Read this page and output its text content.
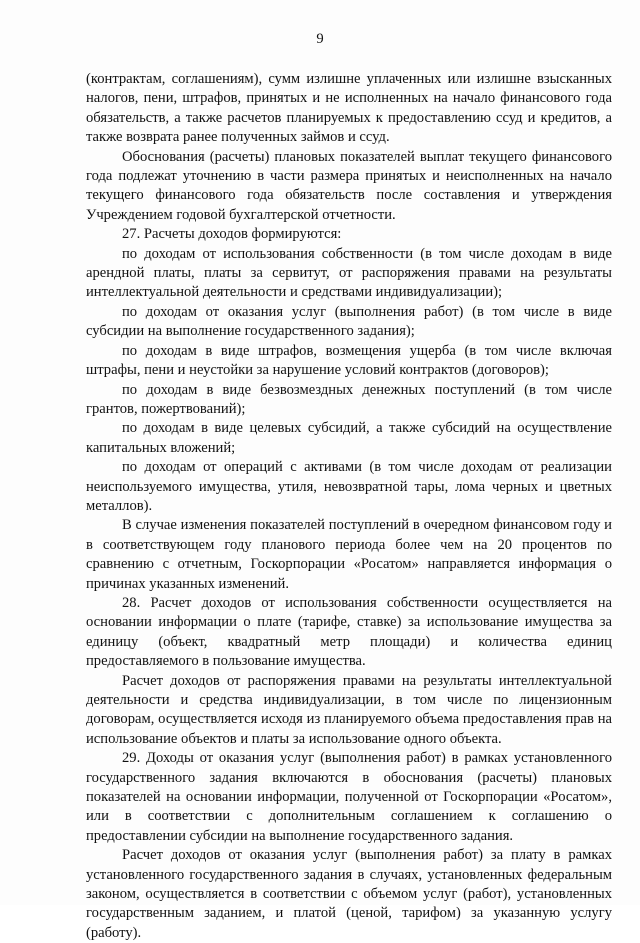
9

(контрактам, соглашениям), сумм излишне уплаченных или излишне взысканных налогов, пени, штрафов, принятых и не исполненных на начало финансового года обязательств, а также расчетов планируемых к предоставлению ссуд и кредитов, а также возврата ранее полученных займов и ссуд.

Обоснования (расчеты) плановых показателей выплат текущего финансового года подлежат уточнению в части размера принятых и неисполненных на начало текущего финансового года обязательств после составления и утверждения Учреждением годовой бухгалтерской отчетности.

27. Расчеты доходов формируются:

по доходам от использования собственности (в том числе доходам в виде арендной платы, платы за сервитут, от распоряжения правами на результаты интеллектуальной деятельности и средствами индивидуализации);

по доходам от оказания услуг (выполнения работ) (в том числе в виде субсидии на выполнение государственного задания);

по доходам в виде штрафов, возмещения ущерба (в том числе включая штрафы, пени и неустойки за нарушение условий контрактов (договоров);

по доходам в виде безвозмездных денежных поступлений (в том числе грантов, пожертвований);

по доходам в виде целевых субсидий, а также субсидий на осуществление капитальных вложений;

по доходам от операций с активами (в том числе доходам от реализации неиспользуемого имущества, утиля, невозвратной тары, лома черных и цветных металлов).

В случае изменения показателей поступлений в очередном финансовом году и в соответствующем году планового периода более чем на 20 процентов по сравнению с отчетным, Госкорпорации «Росатом» направляется информация о причинах указанных изменений.

28. Расчет доходов от использования собственности осуществляется на основании информации о плате (тарифе, ставке) за использование имущества за единицу (объект, квадратный метр площади) и количества единиц предоставляемого в пользование имущества.

Расчет доходов от распоряжения правами на результаты интеллектуальной деятельности и средства индивидуализации, в том числе по лицензионным договорам, осуществляется исходя из планируемого объема предоставления прав на использование объектов и платы за использование одного объекта.

29. Доходы от оказания услуг (выполнения работ) в рамках установленного государственного задания включаются в обоснования (расчеты) плановых показателей на основании информации, полученной от Госкорпорации «Росатом», или в соответствии с дополнительным соглашением к соглашению о предоставлении субсидии на выполнение государственного задания.

Расчет доходов от оказания услуг (выполнения работ) за плату в рамках установленного государственного задания в случаях, установленных федеральным законом, осуществляется в соответствии с объемом услуг (работ), установленных государственным заданием, и платой (ценой, тарифом) за указанную услугу (работу).
